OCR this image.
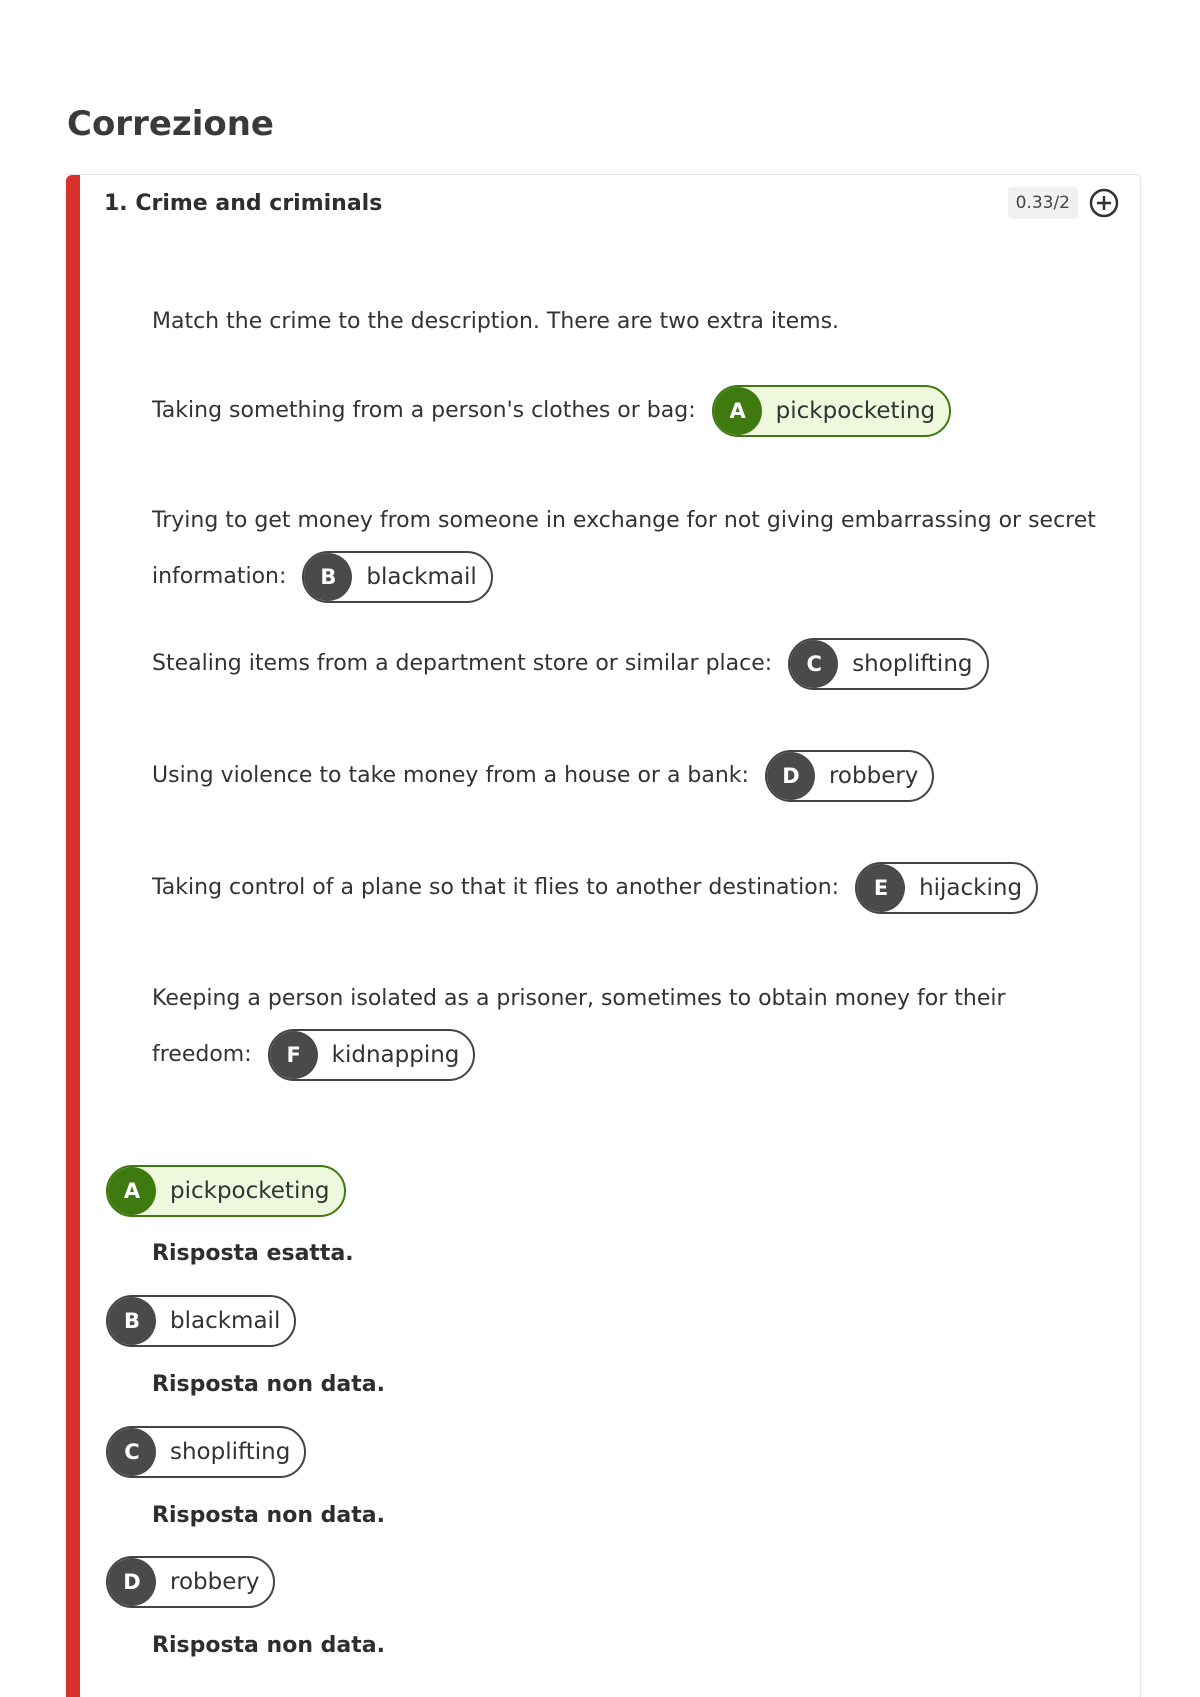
Correzione
1. Crime and criminals	0.33/2
Match the crime to the description. There are two extra items.
Taking something from a person's clothes or bag:	A	pickpocketing
Trying to get money from someone in exchange for not giving embarrassing or secret information:	B	blackmail
Stealing items from a department store or similar place:	C	shoplifting
Using violence to take money from a house or a bank:	D	robbery
Taking control of a plane so that it flies to another destination:	E	hijacking
Keeping a person isolated as a prisoner, sometimes to obtain money for their freedom:	F	kidnapping
A	pickpocketing
Risposta esatta.
B	blackmail
Risposta non data.
C	shoplifting
Risposta non data.
D	robbery
Risposta non data.
